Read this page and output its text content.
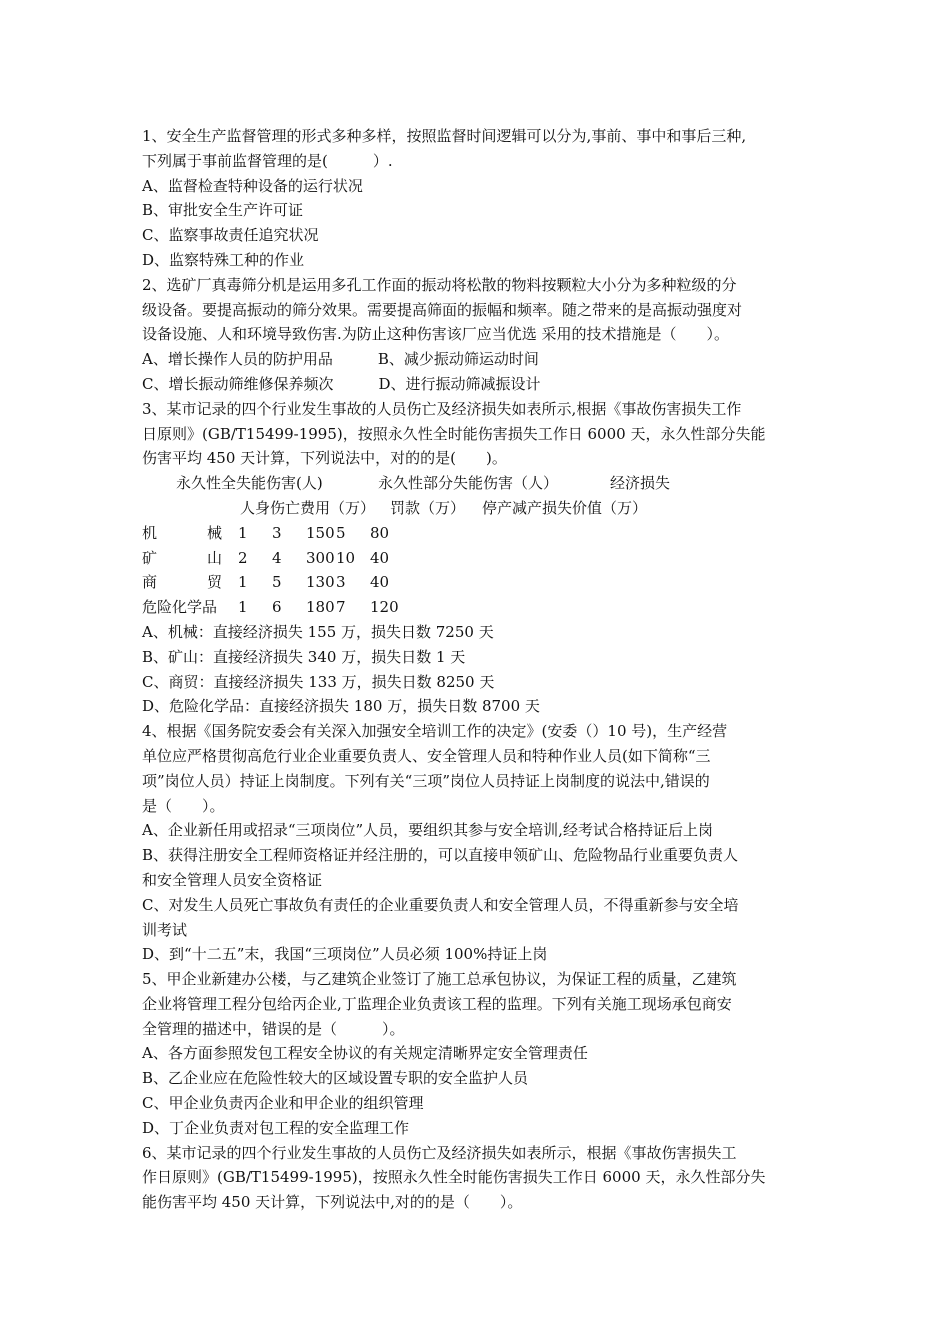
1、安全生产监督管理的形式多种多样，按照监督时间逻辑可以分为,事前、事中和事后三种,
下列属于事前监督管理的是(　　　）.
A、监督检查特种设备的运行状况
B、审批安全生产许可证
C、监察事故责任追究状况
D、监察特殊工种的作业
2、选矿厂真毒筛分机是运用多孔工作面的振动将松散的物料按颗粒大小分为多种粒级的分
级设备。要提高振动的筛分效果。需要提高筛面的振幅和频率。随之带来的是高振动强度对
设备设施、人和环境导致伤害.为防止这种伤害该厂应当优选 采用的技术措施是（　　）。
A、增长操作人员的防护用品　　　B、减少振动筛运动时间
C、增长振动筛维修保养频次　　　D、进行振动筛减振设计
3、某市记录的四个行业发生事故的人员伤亡及经济损失如表所示,根据《事故伤害损失工作
日原则》(GB/T15499-1995)，按照永久性全时能伤害损失工作日 6000 天，永久性部分失能
伤害平均 450 天计算，下列说法中，对的的是(　　)。
永久性全失能伤害(人)	永久性部分失能伤害（人）	经济损失
人身伤亡费用（万） 罚款（万） 停产减产损失价值（万）
机	械 1 3 1505 80
矿	山 2 4 30010 40
商	贸 1 5 1303 40
危险化学品 1 6 1807 120
A、机械：直接经济损失 155 万，损失日数 7250 天
B、矿山：直接经济损失 340 万，损失日数 1 天
C、商贸：直接经济损失 133 万，损失日数 8250 天
D、危险化学品：直接经济损失 180 万，损失日数 8700 天
4、根据《国务院安委会有关深入加强安全培训工作的决定》(安委（）10 号)，生产经营
单位应严格贯彻高危行业企业重要负责人、安全管理人员和特种作业人员(如下简称“三
项”岗位人员）持证上岗制度。下列有关“三项”岗位人员持证上岗制度的说法中,错误的
是（　　）。
A、企业新任用或招录“三项岗位”人员，要组织其参与安全培训,经考试合格持证后上岗
B、获得注册安全工程师资格证并经注册的，可以直接申领矿山、危险物品行业重要负责人
和安全管理人员安全资格证
C、对发生人员死亡事故负有责任的企业重要负责人和安全管理人员，不得重新参与安全培
训考试
D、到“十二五”末，我国“三项岗位”人员必须 100%持证上岗
5、甲企业新建办公楼，与乙建筑企业签订了施工总承包协议，为保证工程的质量，乙建筑
企业将管理工程分包给丙企业,丁监理企业负责该工程的监理。下列有关施工现场承包商安
全管理的描述中，错误的是（　　　）。
A、各方面参照发包工程安全协议的有关规定清晰界定安全管理责任
B、乙企业应在危险性较大的区域设置专职的安全监护人员
C、甲企业负责丙企业和甲企业的组织管理
D、丁企业负责对包工程的安全监理工作
6、某市记录的四个行业发生事故的人员伤亡及经济损失如表所示，根据《事故伤害损失工
作日原则》(GB/T15499-1995)，按照永久性全时能伤害损失工作日 6000 天，永久性部分失
能伤害平均 450 天计算，下列说法中,对的的是（　　）。
